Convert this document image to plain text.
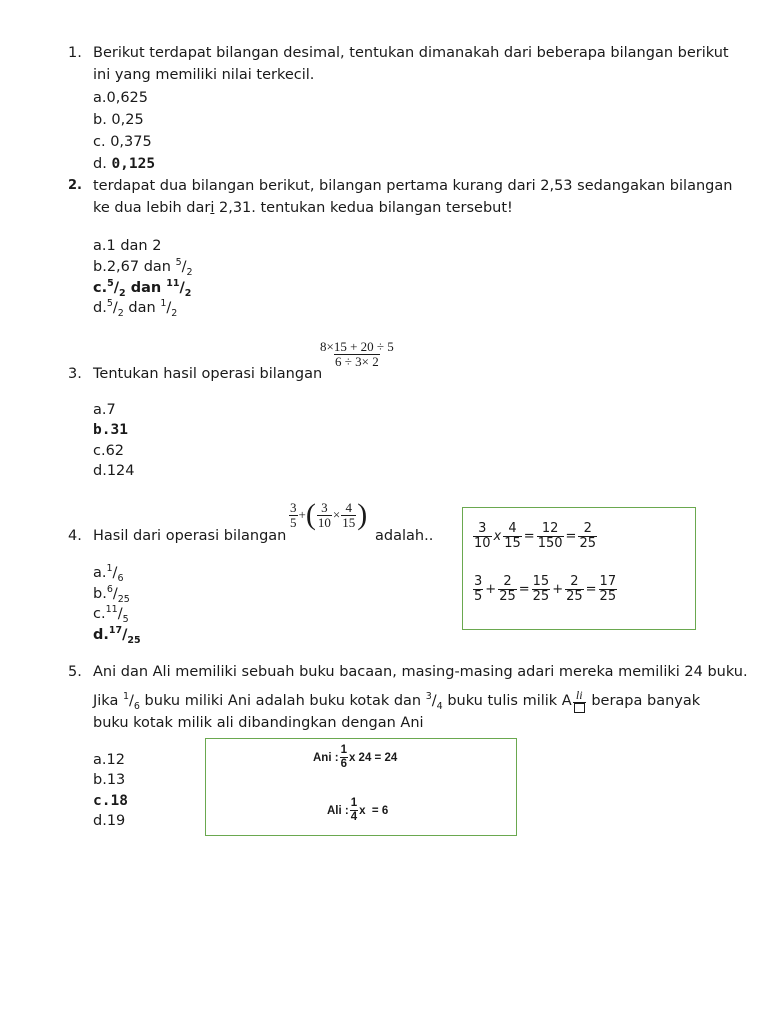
1. Berikut terdapat bilangan desimal, tentukan dimanakah dari beberapa bilangan berikut
ini yang memiliki nilai terkecil.
a.0,625
b. 0,25
c. 0,375
d. 0,125
2. terdapat dua bilangan berikut, bilangan pertama kurang dari 2,53 sedangakan bilangan
ke dua lebih dari 2,31. tentukan kedua bilangan tersebut!
a.1 dan 2
b.2,67 dan $^5/_2$
$c.^5/_2$ dan $^{11}/_2$
$d.^5/_2$ dan $^1/_2$
$\frac{8\times 15 + 20 \div 5}{6 \div 3\times 2}$
3. Tentukan hasil operasi bilangan
a.7
b.31
c.62
d.124
4. Hasil dari operasi bilangan
$\frac{3}{5}$ + ( $\frac{3}{10} \times \frac{4}{15}$ )
adalah..
$a.^1/_6$
$b.^6/_{25}$
$c.^{11}/_5$
$d.^{17}/_{25}$
$\frac{3}{10}$ x $\frac{4}{15} = \frac{12}{150} = \frac{2}{25}$
$\frac{3}{5} + \frac{2}{25} = \frac{15}{25} + \frac{2}{25} = \frac{17}{25}$
5. Ani dan Ali memiliki sebuah buku bacaan, masing-masing adari mereka memiliki 24 buku.
Jika $^1/_6$ buku miliki Ani adalah buku kotak dan $^3/_4$ buku tulis milik A li berapa banyak
buku kotak milik ali dibandingkan dengan Ani
a.12
b.13
c.18
d.19
Ani : $\frac{1}{6}$ x 24 = 24
Ali : $\frac{1}{4}$ x  = 6
